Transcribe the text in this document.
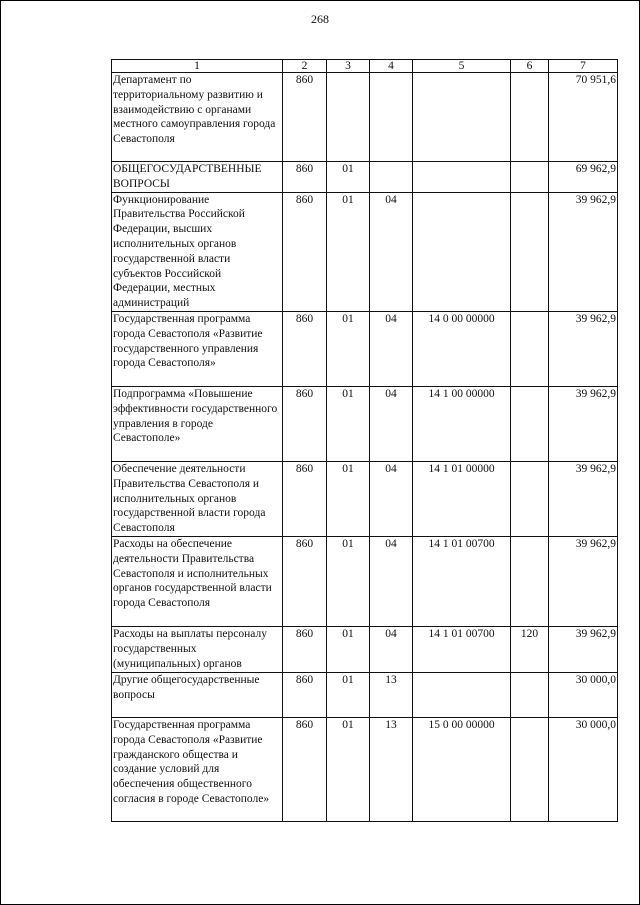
268
1	2	3	4	5	6	7
Департамент по территориальному развитию и взаимодействию с органами местного самоуправления города Севастополя	860					70 951,6
ОБЩЕГОСУДАРСТВЕННЫЕ ВОПРОСЫ	860	01				69 962,9
Функционирование Правительства Российской Федерации, высших исполнительных органов государственной власти субъектов Российской Федерации, местных администраций	860	01	04			39 962,9
Государственная программа города Севастополя «Развитие государственного управления города Севастополя»	860	01	04	14 0 00 00000		39 962,9
Подпрограмма «Повышение эффективности государственного управления в городе Севастополе»	860	01	04	14 1 00 00000		39 962,9
Обеспечение деятельности Правительства Севастополя и исполнительных органов государственной власти города Севастополя	860	01	04	14 1 01 00000		39 962,9
Расходы на обеспечение деятельности Правительства Севастополя и исполнительных органов государственной власти города Севастополя	860	01	04	14 1 01 00700		39 962,9
Расходы на выплаты персоналу государственных (муниципальных) органов	860	01	04	14 1 01 00700	120	39 962,9
Другие общегосударственные вопросы	860	01	13			30 000,0
Государственная программа города Севастополя «Развитие гражданского общества и создание условий для обеспечения общественного согласия в городе Севастополе»	860	01	13	15 0 00 00000		30 000,0
